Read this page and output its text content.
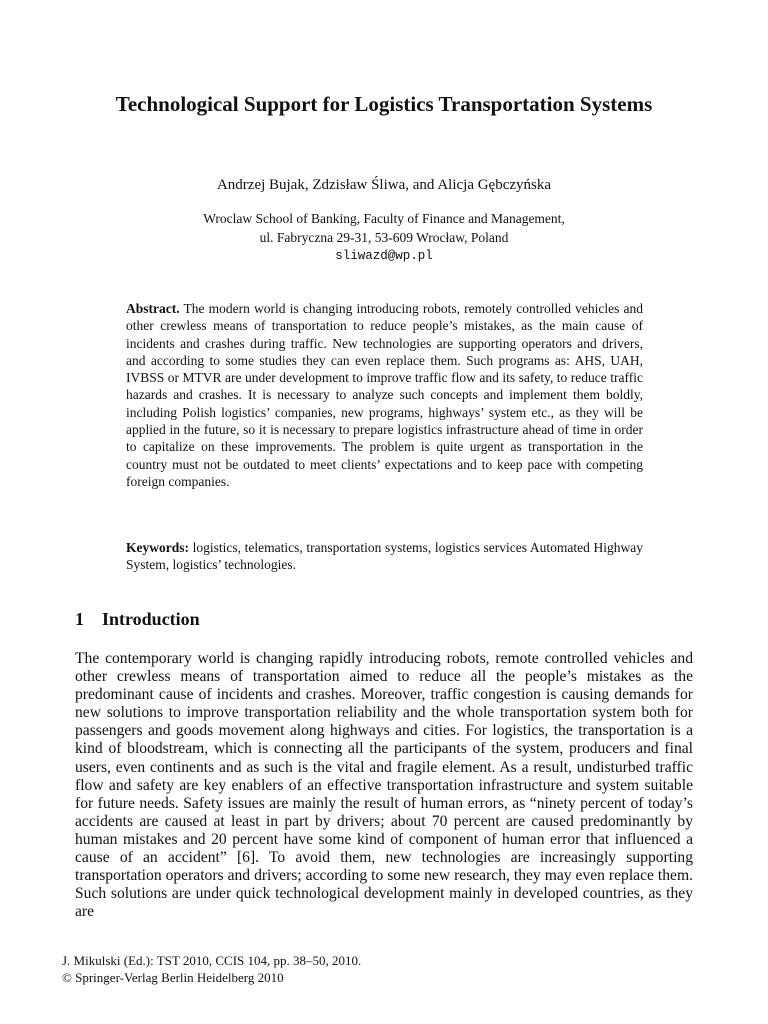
Technological Support for Logistics Transportation Systems

Andrzej Bujak, Zdzisław Śliwa, and Alicja Gębczyńska

Wroclaw School of Banking, Faculty of Finance and Management,
ul. Fabryczna 29-31, 53-609 Wrocław, Poland
sliwazd@wp.pl

Abstract. The modern world is changing introducing robots, remotely controlled vehicles and other crewless means of transportation to reduce people’s mistakes, as the main cause of incidents and crashes during traffic. New technologies are supporting operators and drivers, and according to some studies they can even replace them. Such programs as: AHS, UAH, IVBSS or MTVR are under development to improve traffic flow and its safety, to reduce traffic hazards and crashes. It is necessary to analyze such concepts and implement them boldly, including Polish logistics’ companies, new programs, highways’ system etc., as they will be applied in the future, so it is necessary to prepare logistics infrastructure ahead of time in order to capitalize on these improvements. The problem is quite urgent as transportation in the country must not be outdated to meet clients’ expectations and to keep pace with competing foreign companies.

Keywords: logistics, telematics, transportation systems, logistics services Automated Highway System, logistics’ technologies.

1 Introduction

The contemporary world is changing rapidly introducing robots, remote controlled vehicles and other crewless means of transportation aimed to reduce all the people’s mistakes as the predominant cause of incidents and crashes. Moreover, traffic congestion is causing demands for new solutions to improve transportation reliability and the whole transportation system both for passengers and goods movement along highways and cities. For logistics, the transportation is a kind of bloodstream, which is connecting all the participants of the system, producers and final users, even continents and as such is the vital and fragile element. As a result, undisturbed traffic flow and safety are key enablers of an effective transportation infrastructure and system suitable for future needs. Safety issues are mainly the result of human errors, as “ninety percent of today’s accidents are caused at least in part by drivers; about 70 percent are caused predominantly by human mistakes and 20 percent have some kind of component of human error that influenced a cause of an accident” [6]. To avoid them, new technologies are increasingly supporting transportation operators and drivers; according to some new research, they may even replace them. Such solutions are under quick technological development mainly in developed countries, as they are

J. Mikulski (Ed.): TST 2010, CCIS 104, pp. 38–50, 2010.
© Springer-Verlag Berlin Heidelberg 2010
